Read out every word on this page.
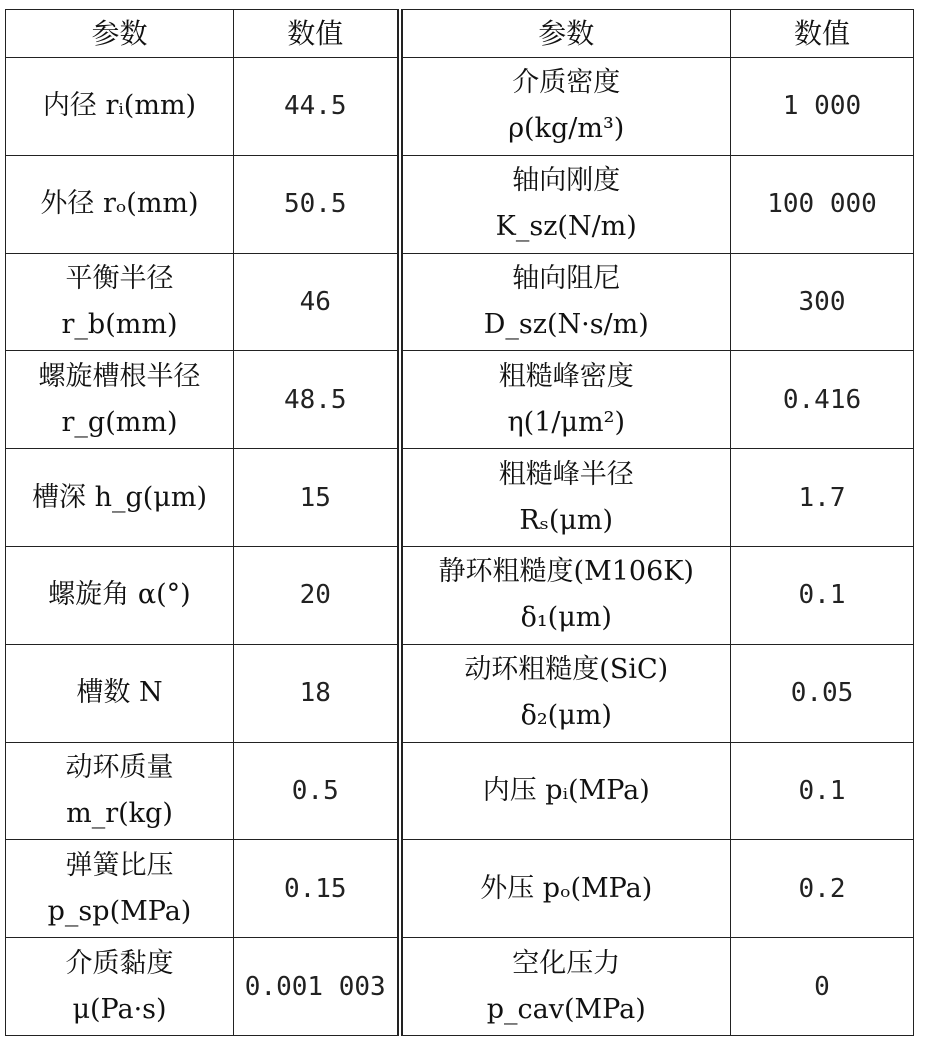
参数	数值	参数	数值

内径 rᵢ(mm)	44.5	介质密度
ρ(kg/m³)	1 000

外径 rₒ(mm)	50.5	轴向刚度
K_sz(N/m)	100 000

平衡半径
r_b(mm)	46	轴向阻尼
D_sz(N·s/m)	300

螺旋槽根半径
r_g(mm)	48.5	粗糙峰密度
η(1/μm²)	0.416

槽深 h_g(μm)	15	粗糙峰半径
Rₛ(μm)	1.7

螺旋角 α(°)	20	静环粗糙度(M106K)
δ₁(μm)	0.1

槽数 N	18	动环粗糙度(SiC)
δ₂(μm)	0.05

动环质量
m_r(kg)	0.5	内压 pᵢ(MPa)	0.1

弹簧比压
p_sp(MPa)	0.15	外压 pₒ(MPa)	0.2

介质黏度
μ(Pa·s)	0.001 003	空化压力
p_cav(MPa)	0
